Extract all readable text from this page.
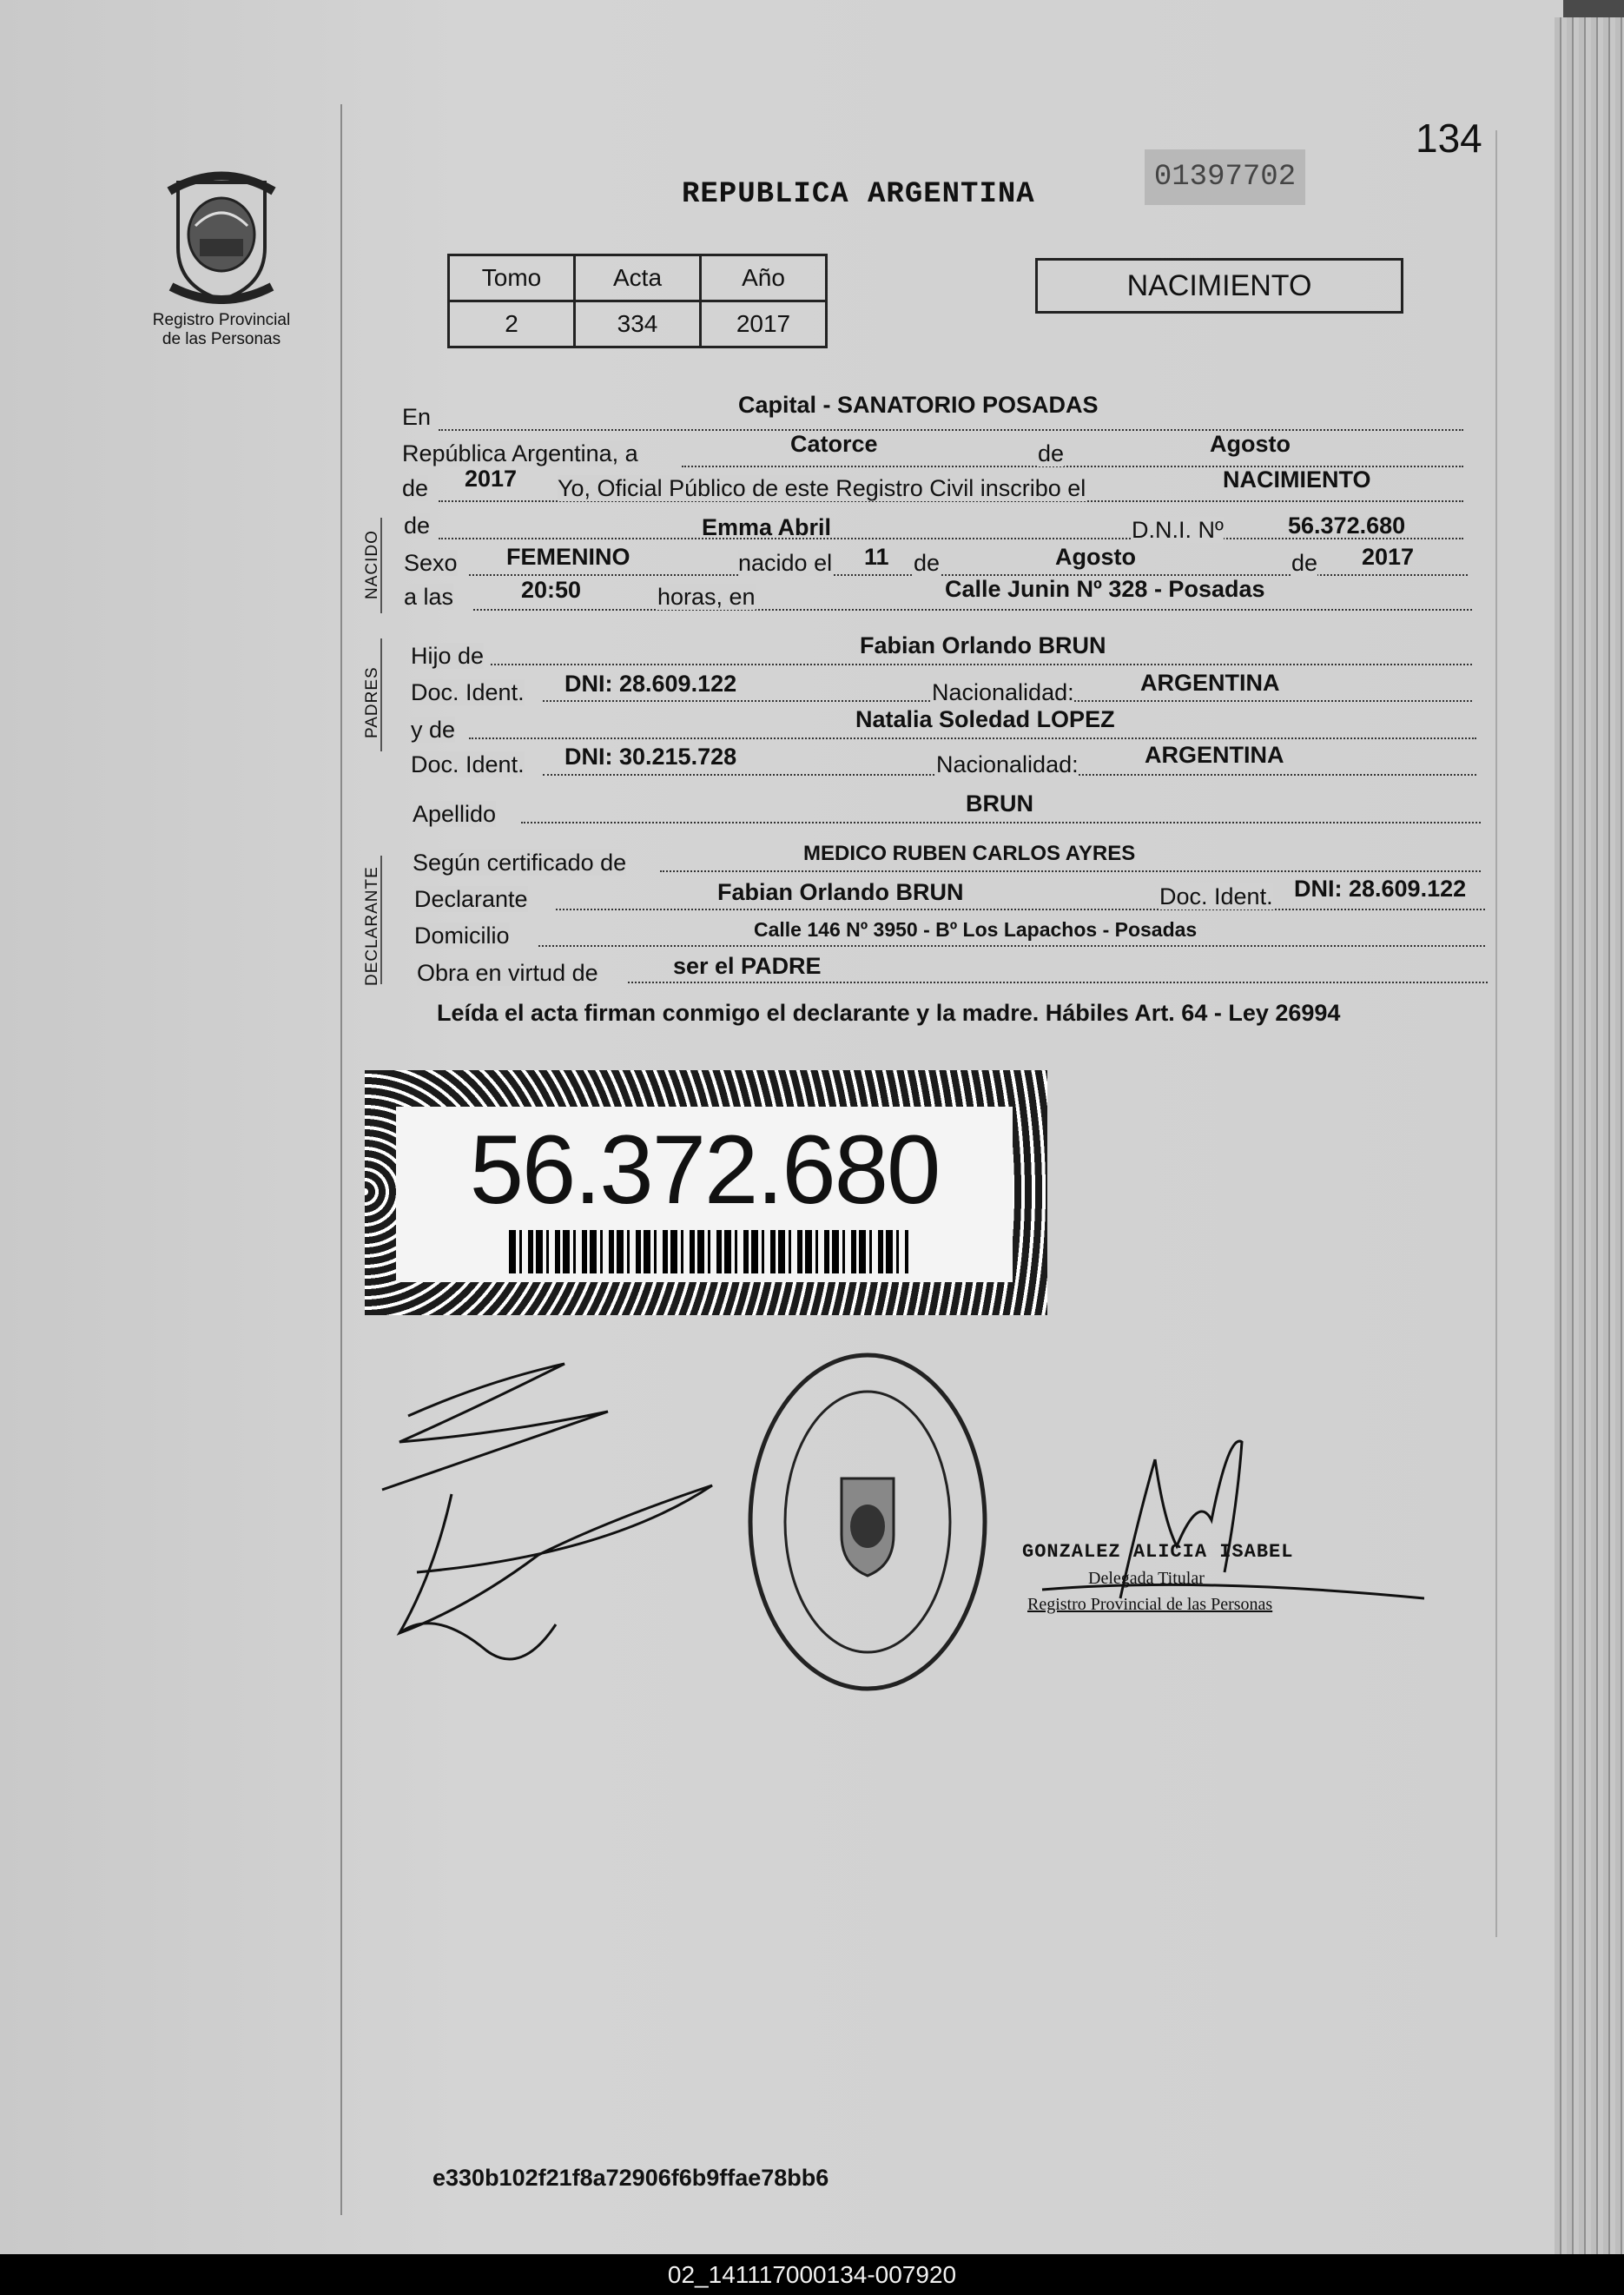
Registro Provincial
de las Personas
134
REPUBLICA ARGENTINA
01397702
Tomo	Acta	Año
2	334	2017
NACIMIENTO
En	Capital - SANATORIO POSADAS
República Argentina, a	Catorce	de	Agosto
de 2017 Yo, Oficial Público de este Registro Civil inscribo el	NACIMIENTO
NACIDO
de	Emma Abril	D.N.I. Nº	56.372.680
Sexo FEMENINO	nacido el 11 de	Agosto	de 2017
a las	20:50	horas, en	Calle Junin Nº 328 - Posadas
PADRES
Hijo de	Fabian Orlando BRUN
Doc. Ident. DNI: 28.609.122	Nacionalidad:	ARGENTINA
y de	Natalia Soledad LOPEZ
Doc. Ident. DNI: 30.215.728	Nacionalidad:	ARGENTINA
Apellido	BRUN
DECLARANTE
Según certificado de	MEDICO RUBEN CARLOS AYRES
Declarante	Fabian Orlando BRUN	Doc. Ident. DNI: 28.609.122
Domicilio	Calle 146 Nº 3950 - Bº Los Lapachos - Posadas
Obra en virtud de	ser el PADRE
Leída el acta firman conmigo el declarante y la madre. Hábiles Art. 64 - Ley 26994
56.372.680
GONZALEZ ALICIA ISABEL
Delegada Titular
Registro Provincial de las Personas
e330b102f21f8a72906f6b9ffae78bb6
02_141117000134-007920
